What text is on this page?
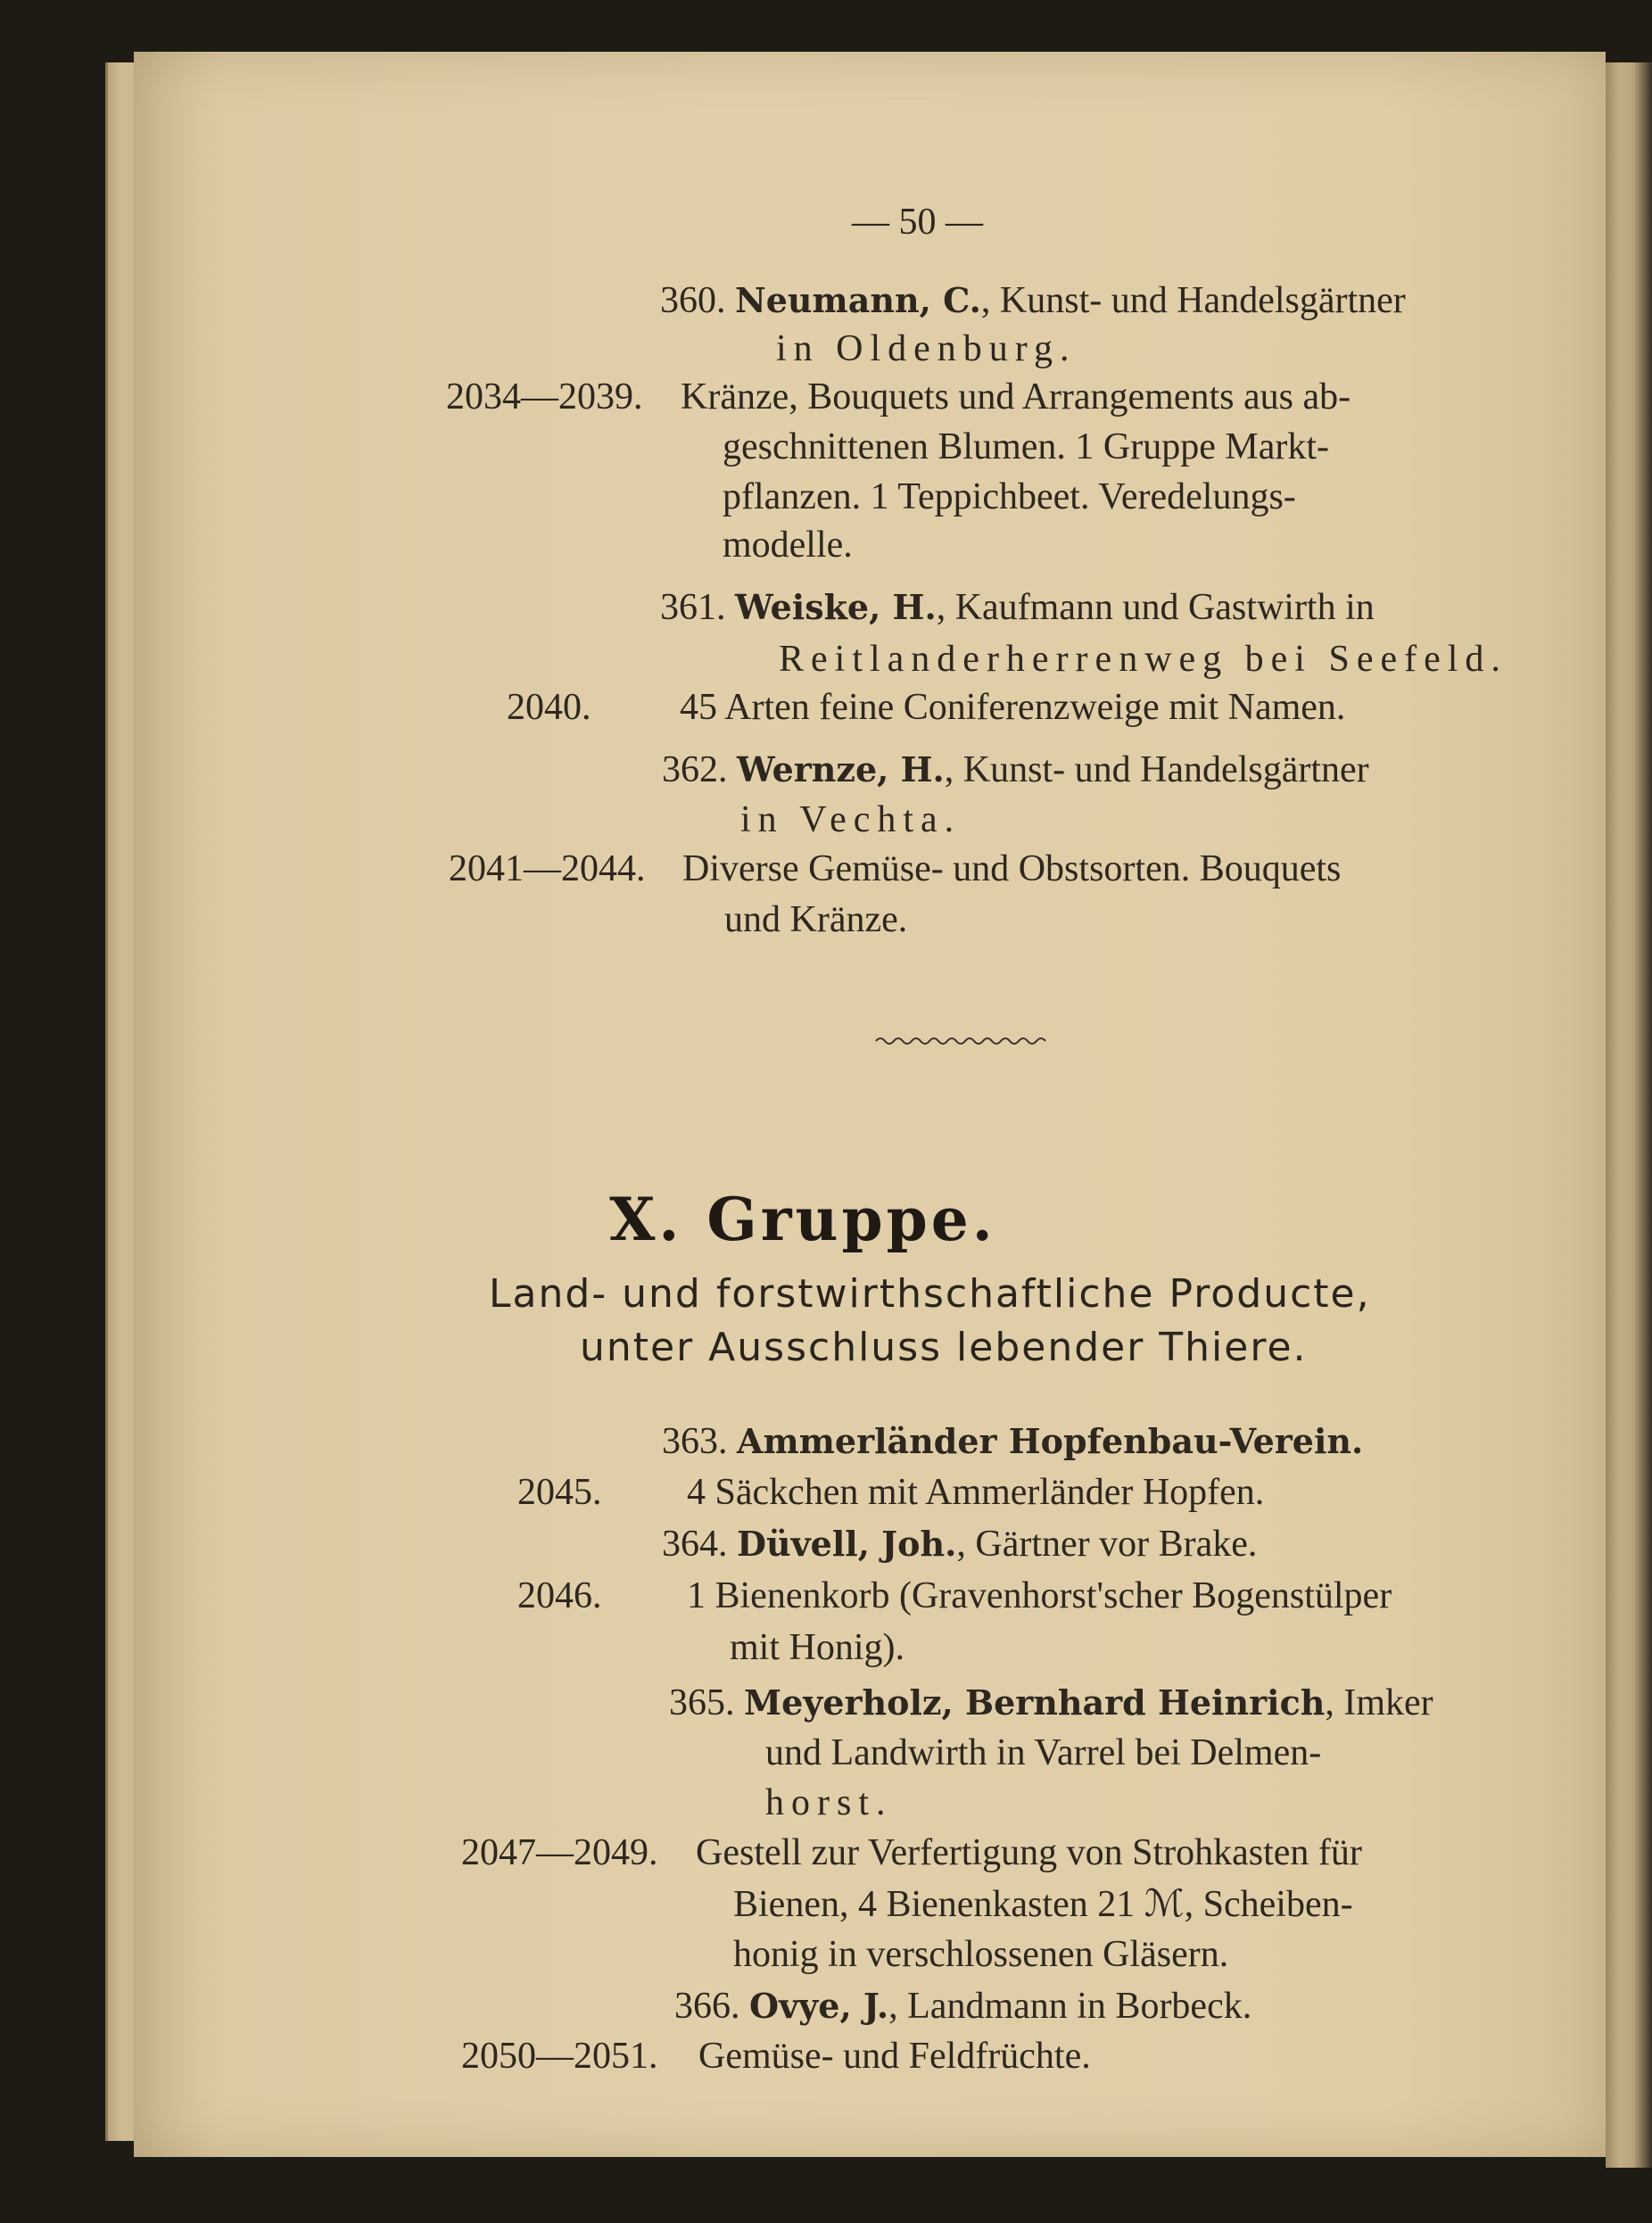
— 50 —
360. Neumann, C., Kunst- und Handelsgärtner
in Oldenburg.
2034—2039. Kränze, Bouquets und Arrangements aus ab-
geschnittenen Blumen. 1 Gruppe Markt-
pflanzen. 1 Teppichbeet. Veredelungs-
modelle.
361. Weiske, H., Kaufmann und Gastwirth in
Reitlanderherrenweg bei Seefeld.
2040. 45 Arten feine Coniferenzweige mit Namen.
362. Wernze, H., Kunst- und Handelsgärtner
in Vechta.
2041—2044. Diverse Gemüse- und Obstsorten. Bouquets
und Kränze.
X. Gruppe.
Land- und forstwirthschaftliche Producte,
unter Ausschluss lebender Thiere.
363. Ammerländer Hopfenbau-Verein.
2045. 4 Säckchen mit Ammerländer Hopfen.
364. Düvell, Joh., Gärtner vor Brake.
2046. 1 Bienenkorb (Gravenhorst'scher Bogenstülper
mit Honig).
365. Meyerholz, Bernhard Heinrich, Imker
und Landwirth in Varrel bei Delmen-
horst.
2047—2049. Gestell zur Verfertigung von Strohkasten für
Bienen, 4 Bienenkasten 21 ℳ, Scheiben-
honig in verschlossenen Gläsern.
366. Ovye, J., Landmann in Borbeck.
2050—2051. Gemüse- und Feldfrüchte.
